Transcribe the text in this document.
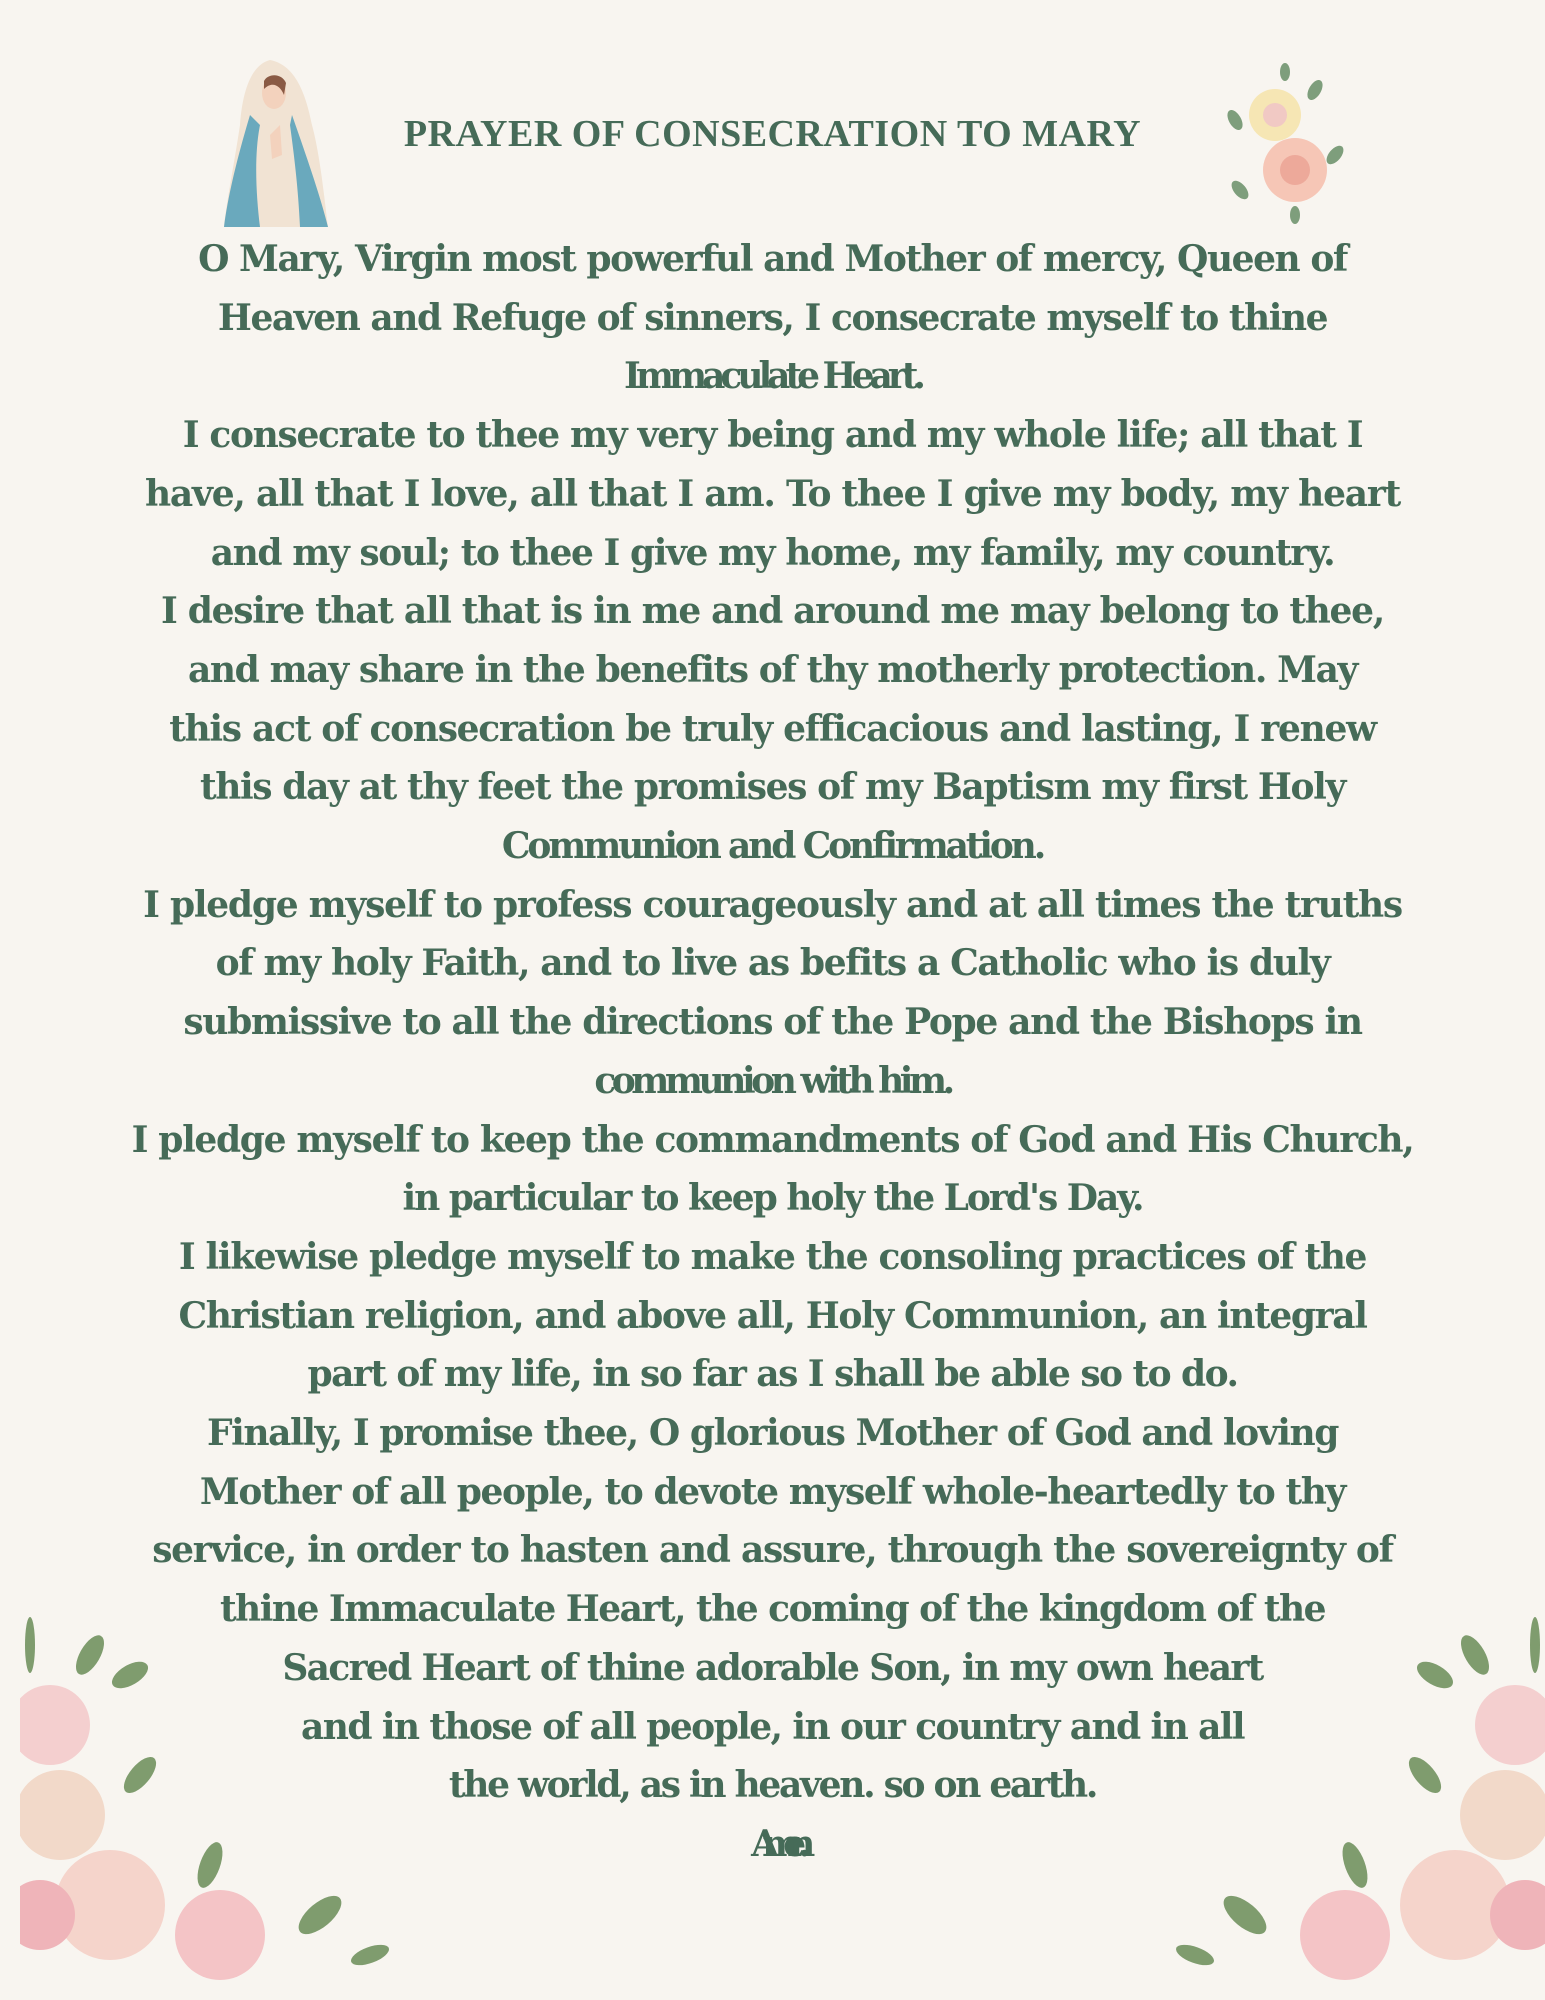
PRAYER OF CONSECRATION TO MARY
O Mary, Virgin most powerful and Mother of mercy, Queen of
Heaven and Refuge of sinners, I consecrate myself to thine
Immaculate Heart.
I consecrate to thee my very being and my whole life; all that I
have, all that I love, all that I am. To thee I give my body, my heart
and my soul; to thee I give my home, my family, my country.
I desire that all that is in me and around me may belong to thee,
and may share in the benefits of thy motherly protection. May
this act of consecration be truly efficacious and lasting, I renew
this day at thy feet the promises of my Baptism my first Holy
Communion and Confirmation.
I pledge myself to profess courageously and at all times the truths
of my holy Faith, and to live as befits a Catholic who is duly
submissive to all the directions of the Pope and the Bishops in
communion with him.
I pledge myself to keep the commandments of God and His Church,
in particular to keep holy the Lord's Day.
I likewise pledge myself to make the consoling practices of the
Christian religion, and above all, Holy Communion, an integral
part of my life, in so far as I shall be able so to do.
Finally, I promise thee, O glorious Mother of God and loving
Mother of all people, to devote myself whole-heartedly to thy
service, in order to hasten and assure, through the sovereignty of
thine Immaculate Heart, the coming of the kingdom of the
Sacred Heart of thine adorable Son, in my own heart
and in those of all people, in our country and in all
the world, as in heaven. so on earth.
Amen.
